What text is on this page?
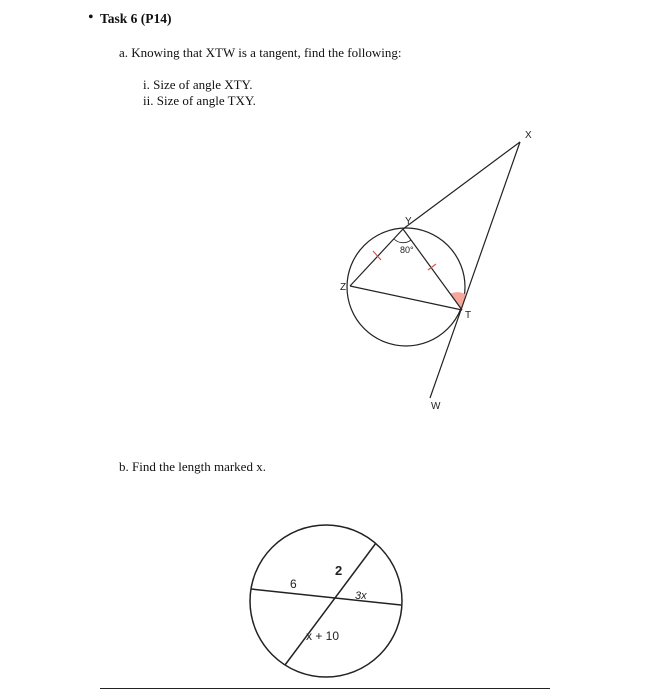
• Task 6 (P14)
a. Knowing that XTW is a tangent, find the following:
i. Size of angle XTY.
ii. Size of angle TXY.
b. Find the length marked x.
X
Y
Z
T
W
80°
6
2
3x
x + 10
